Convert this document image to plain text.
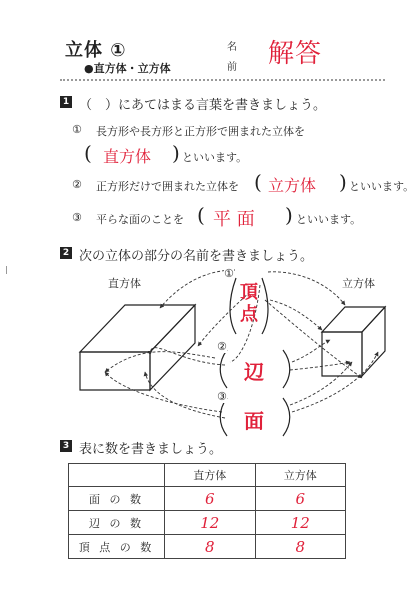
立体 ①
●直方体・立方体
名
前 解答
1 （　）にあてはまる言葉を書きましょう。
① 長方形や長方形と正方形で囲まれた立体を
( 直方体 ) といいます。
② 正方形だけで囲まれた立体を ( 立方体 ) といいます。
③ 平らな面のことを ( 平 面 ) といいます。
2 次の立体の部分の名前を書きましょう。
直方体	立方体
①
頂
点
②
辺
③
面
3 表に数を書きましょう。
	直方体	立方体
面 の 数	6	6
辺 の 数	12	12
頂 点 の 数	8	8
